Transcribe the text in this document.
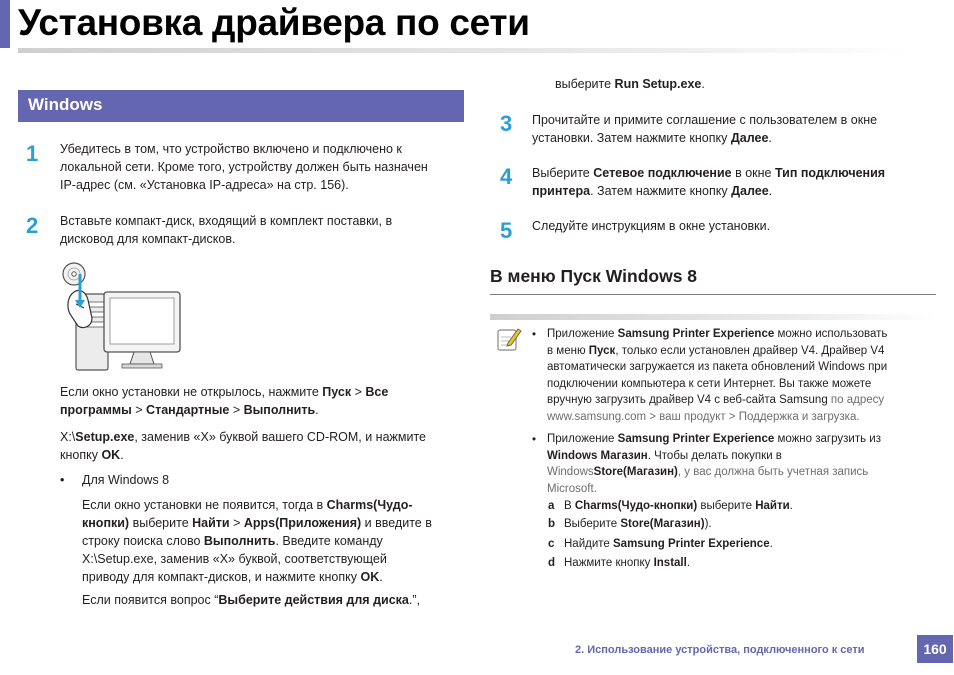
Установка драйвера по сети
Windows
1 Убедитесь в том, что устройство включено и подключено к
локальной сети. Кроме того, устройству должен быть назначен
IP-адрес (см. «Установка IP-адреса» на стр. 156).
2 Вставьте компакт-диск, входящий в комплект поставки, в
дисковод для компакт-дисков.
Если окно установки не открылось, нажмите Пуск > Все
программы > Стандартные > Выполнить.
X:\Setup.exe, заменив «X» буквой вашего CD-ROM, и нажмите
кнопку OK.
• Для Windows 8
Если окно установки не появится, тогда в Charms(Чудо-
кнопки) выберите Найти > Apps(Приложения) и введите в
строку поиска слово Выполнить. Введите команду
X:\Setup.exe, заменив «X» буквой, соответствующей
приводу для компакт-дисков, и нажмите кнопку OK.
Если появится вопрос “Выберите действия для диска.”,
выберите Run Setup.exe.
3 Прочитайте и примите соглашение с пользователем в окне
установки. Затем нажмите кнопку Далее.
4 Выберите Сетевое подключение в окне Тип подключения
принтера. Затем нажмите кнопку Далее.
5 Следуйте инструкциям в окне установки.
В меню Пуск Windows 8
• Приложение Samsung Printer Experience можно использовать
в меню Пуск, только если установлен драйвер V4. Драйвер V4
автоматически загружается из пакета обновлений Windows при
подключении компьютера к сети Интернет. Вы также можете
вручную загрузить драйвер V4 с веб-сайта Samsung по адресу
www.samsung.com > ваш продукт > Поддержка и загрузка.
• Приложение Samsung Printer Experience можно загрузить из
Windows Магазин. Чтобы делать покупки в
WindowsStore(Магазин), у вас должна быть учетная запись
Microsoft.
a В Charms(Чудо-кнопки) выберите Найти.
b Выберите Store(Магазин)).
c Найдите Samsung Printer Experience.
d Нажмите кнопку Install.
2. Использование устройства, подключенного к сети	160
